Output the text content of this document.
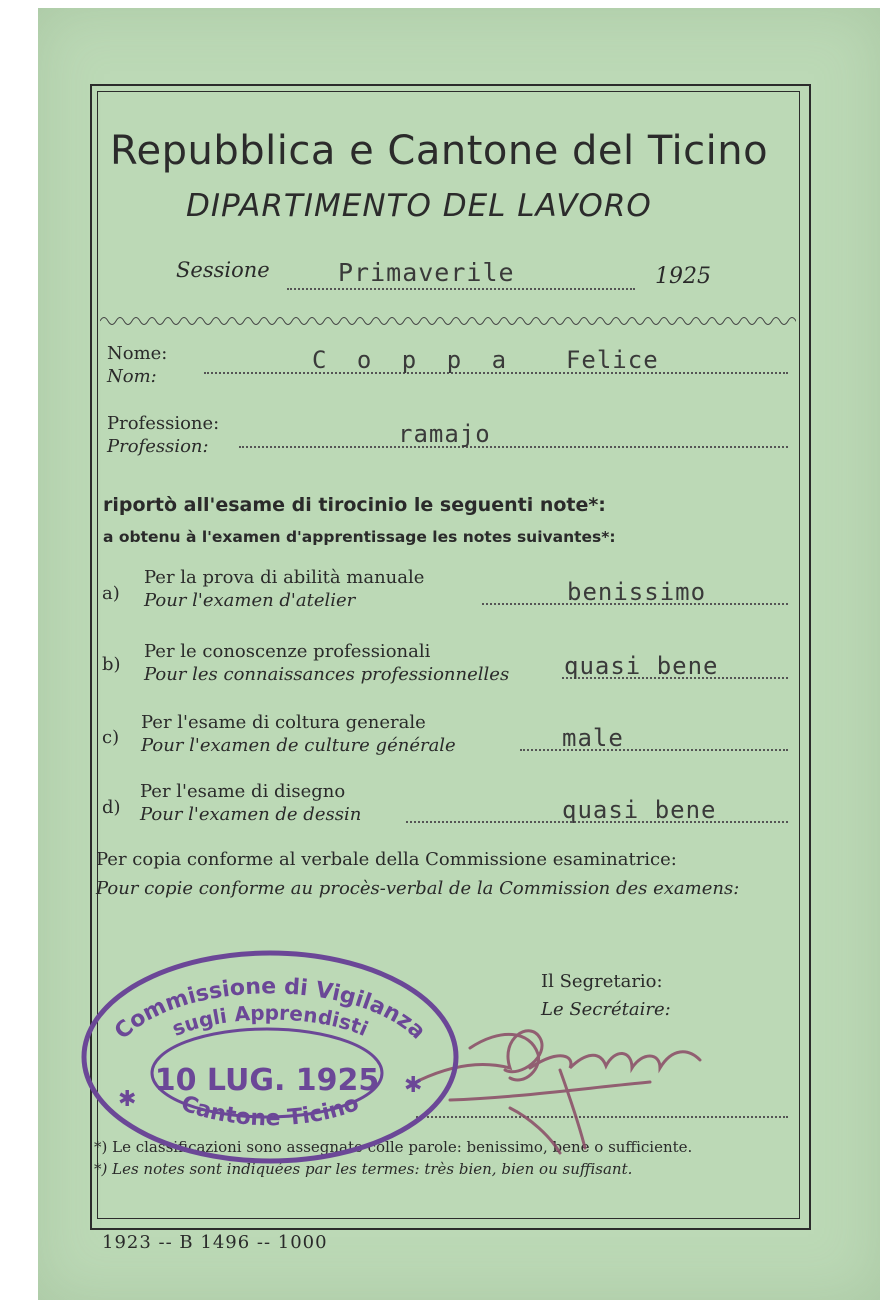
Repubblica e Cantone del Ticino
DIPARTIMENTO DEL LAVORO
Sessione	Primaverile	1925
Nome:
Nom:
C o p p a  Felice
Professione:
Profession:	ramajo
riportò all'esame di tirocinio le seguenti note*:
a obtenu à l'examen d'apprentissage les notes suivantes*:
a)
Per la prova di abilità manuale
Pour l'examen d'atelier	benissimo
b)
Per le conoscenze professionali
Pour les connaissances professionnelles quasi bene
c)
Per l'esame di coltura generale
Pour l'examen de culture générale	male
d)
Per l'esame di disegno
Pour l'examen de dessin	quasi bene
Per copia conforme al verbale della Commissione esaminatrice:
Pour copie conforme au procès-verbal de la Commission des examens:
Il Segretario:
Le Secrétaire:
*) Le classificazioni sono assegnate colle parole: benissimo, bene o sufficiente.
*) Les notes sont indiquées par les termes: très bien, bien ou suffisant.
1923 -- B 1496 -- 1000
Commissione di Vigilanza
sugli Apprendisti
10 LUG. 1925
Cantone Ticino
✱
✱
